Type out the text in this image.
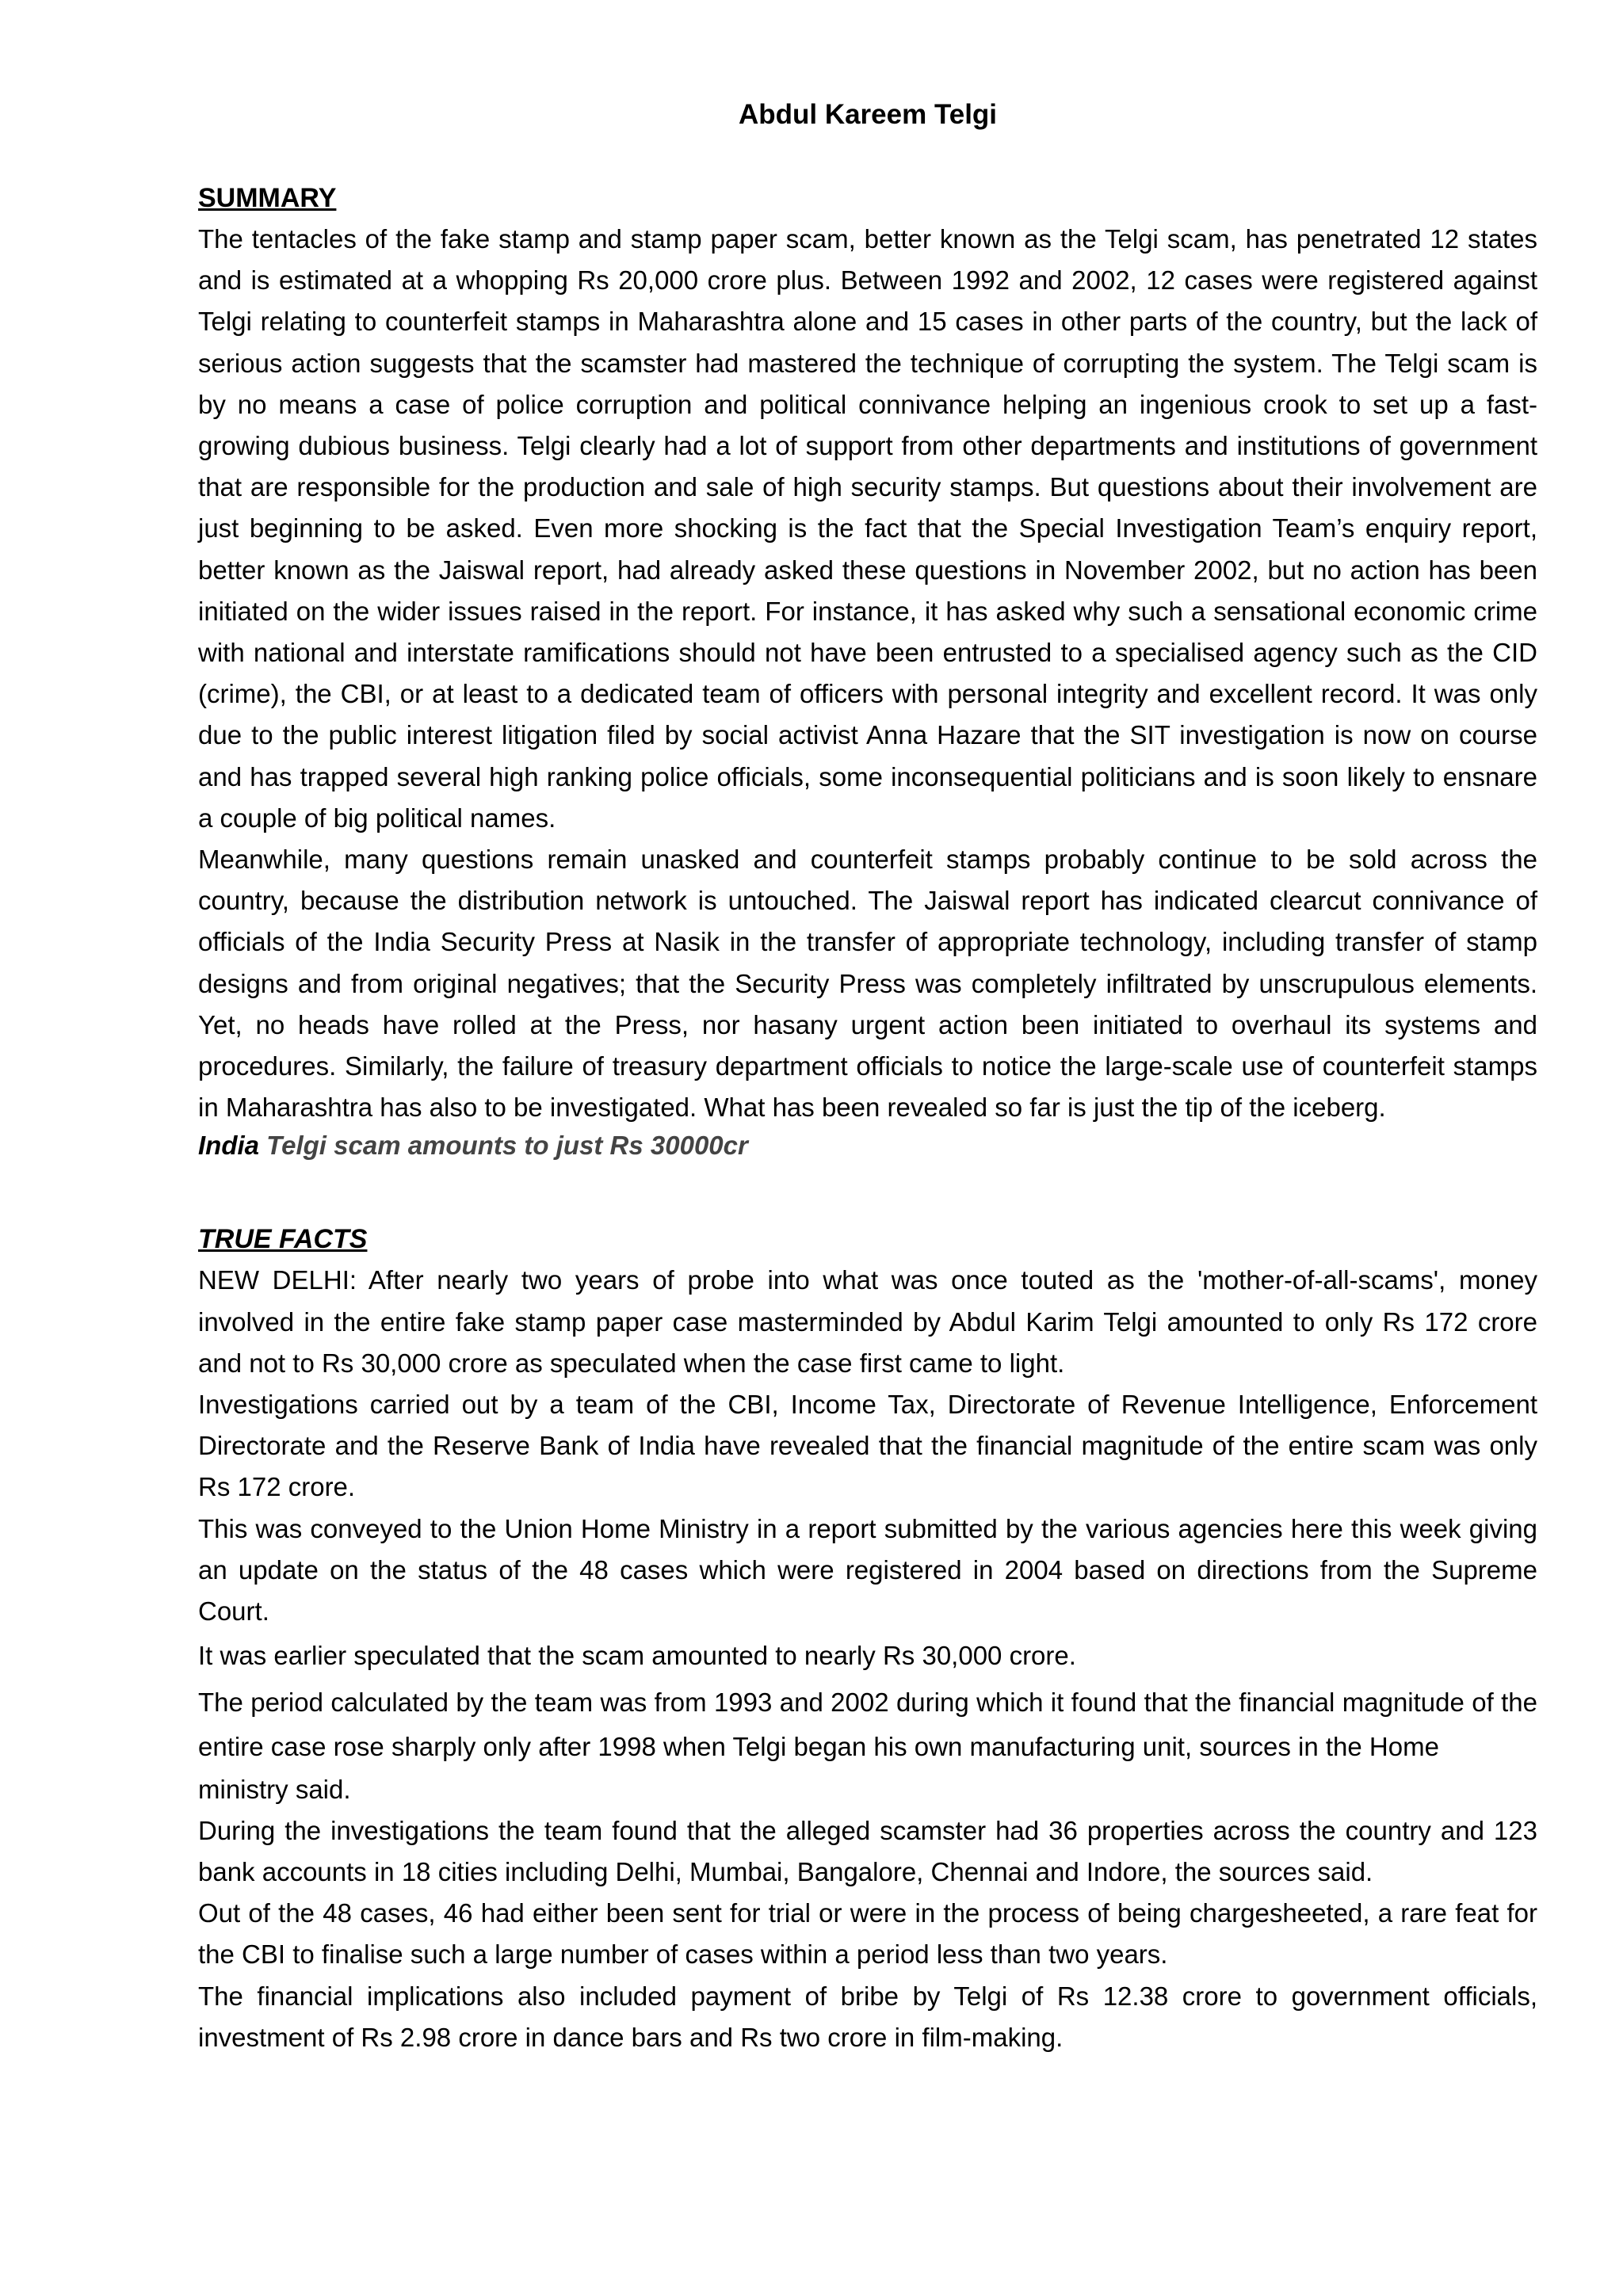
Abdul Kareem Telgi
SUMMARY

The tentacles of the fake stamp and stamp paper scam, better known as the Telgi scam, has penetrated 12 states and is estimated at a whopping Rs 20,000 crore plus. Between 1992 and 2002, 12 cases were registered against Telgi relating to counterfeit stamps in Maharashtra alone and 15 cases in other parts of the country, but the lack of serious action suggests that the scamster had mastered the technique of corrupting the system. The Telgi scam is by no means a case of police corruption and political connivance helping an ingenious crook to set up a fast-growing dubious business. Telgi clearly had a lot of support from other departments and institutions of government that are responsible for the production and sale of high security stamps. But questions about their involvement are just beginning to be asked. Even more shocking is the fact that the Special Investigation Team’s enquiry report, better known as the Jaiswal report, had already asked these questions in November 2002, but no action has been initiated on the wider issues raised in the report. For instance, it has asked why such a sensational economic crime with national and interstate ramifications should not have been entrusted to a specialised agency such as the CID (crime), the CBI, or at least to a dedicated team of officers with personal integrity and excellent record. It was only due to the public interest litigation filed by social activist Anna Hazare that the SIT investigation is now on course and has trapped several high ranking police officials, some inconsequential politicians and is soon likely to ensnare a couple of big political names.

Meanwhile, many questions remain unasked and counterfeit stamps probably continue to be sold across the country, because the distribution network is untouched. The Jaiswal report has indicated clearcut connivance of officials of the India Security Press at Nasik in the transfer of appropriate technology, including transfer of stamp designs and from original negatives; that the Security Press was completely infiltrated by unscrupulous elements. Yet, no heads have rolled at the Press, nor hasany urgent action been initiated to overhaul its systems and procedures. Similarly, the failure of treasury department officials to notice the large-scale use of counterfeit stamps in Maharashtra has also to be investigated. What has been revealed so far is just the tip of the iceberg.

India Telgi scam amounts to just Rs 30000cr

TRUE FACTS

NEW DELHI: After nearly two years of probe into what was once touted as the 'mother-of-all-scams', money involved in the entire fake stamp paper case masterminded by Abdul Karim Telgi amounted to only Rs 172 crore and not to Rs 30,000 crore as speculated when the case first came to light.

Investigations carried out by a team of the CBI, Income Tax, Directorate of Revenue Intelligence, Enforcement Directorate and the Reserve Bank of India have revealed that the financial magnitude of the entire scam was only Rs 172 crore.

This was conveyed to the Union Home Ministry in a report submitted by the various agencies here this week giving an update on the status of the 48 cases which were registered in 2004 based on directions from the Supreme Court.

It was earlier speculated that the scam amounted to nearly Rs 30,000 crore.

The period calculated by the team was from 1993 and 2002 during which it found that the financial magnitude of the entire case rose sharply only after 1998 when Telgi began his own manufacturing unit, sources in the Home

ministry said.

During the investigations the team found that the alleged scamster had 36 properties across the country and 123 bank accounts in 18 cities including Delhi, Mumbai, Bangalore, Chennai and Indore, the sources said.

Out of the 48 cases, 46 had either been sent for trial or were in the process of being chargesheeted, a rare feat for the CBI to finalise such a large number of cases within a period less than two years.

The financial implications also included payment of bribe by Telgi of Rs 12.38 crore to government officials, investment of Rs 2.98 crore in dance bars and Rs two crore in film-making.
